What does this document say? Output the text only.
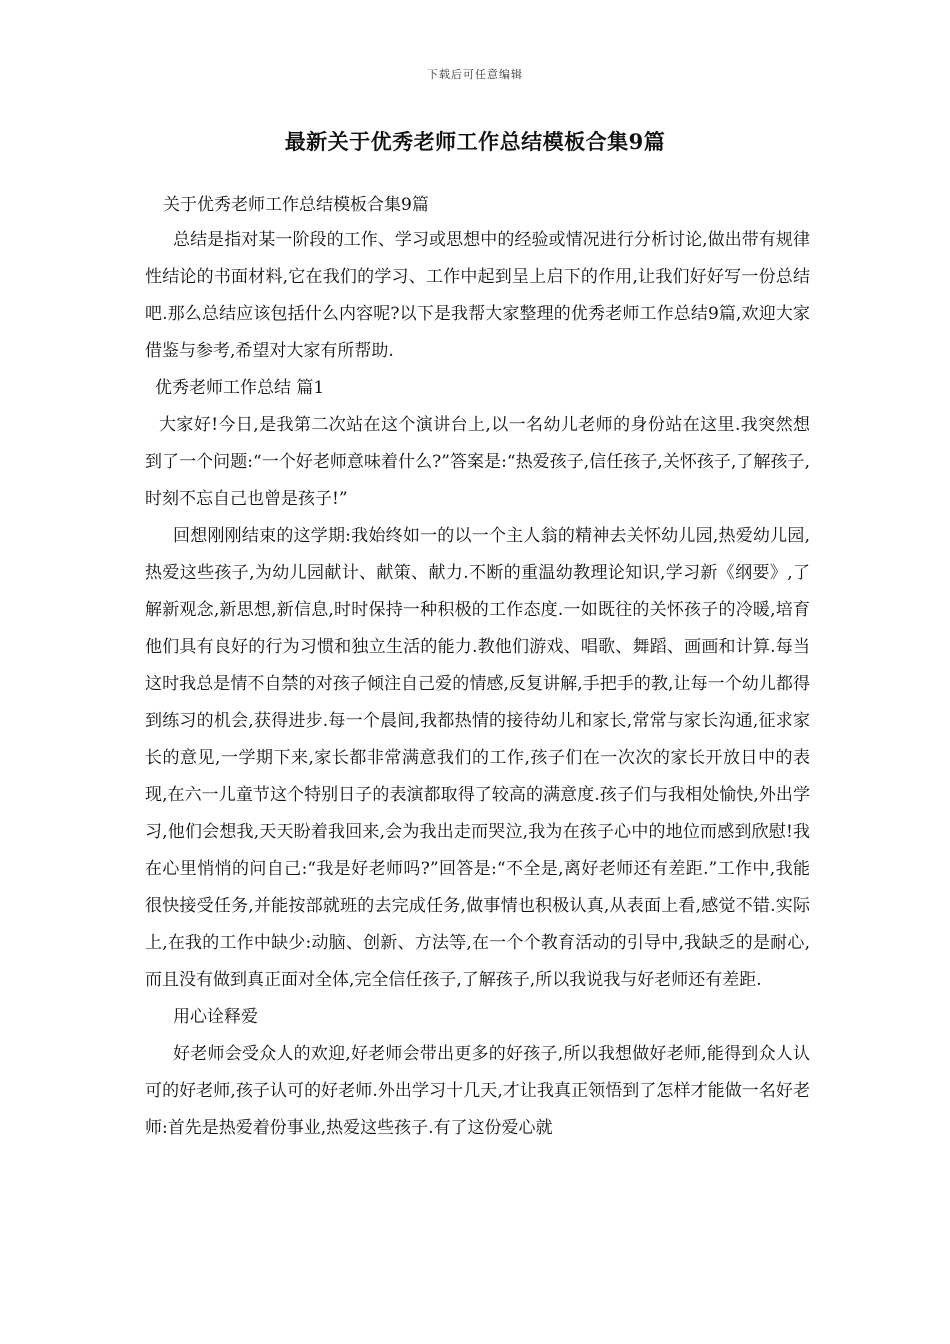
下载后可任意编辑
最新关于优秀老师工作总结模板合集9篇

关于优秀老师工作总结模板合集9篇

总结是指对某一阶段的工作、学习或思想中的经验或情况进行分析讨论,做出带有规律性结论的书面材料,它在我们的学习、工作中起到呈上启下的作用,让我们好好写一份总结吧.那么总结应该包括什么内容呢?以下是我帮大家整理的优秀老师工作总结9篇,欢迎大家借鉴与参考,希望对大家有所帮助.

优秀老师工作总结 篇1

大家好!今日,是我第二次站在这个演讲台上,以一名幼儿老师的身份站在这里.我突然想到了一个问题:“一个好老师意味着什么?”答案是:“热爱孩子,信任孩子,关怀孩子,了解孩子,时刻不忘自己也曾是孩子!”

回想刚刚结束的这学期:我始终如一的以一个主人翁的精神去关怀幼儿园,热爱幼儿园,热爱这些孩子,为幼儿园献计、献策、献力.不断的重温幼教理论知识,学习新《纲要》,了解新观念,新思想,新信息,时时保持一种积极的工作态度.一如既往的关怀孩子的冷暖,培育他们具有良好的行为习惯和独立生活的能力.教他们游戏、唱歌、舞蹈、画画和计算.每当这时我总是情不自禁的对孩子倾注自己爱的情感,反复讲解,手把手的教,让每一个幼儿都得到练习的机会,获得进步.每一个晨间,我都热情的接待幼儿和家长,常常与家长沟通,征求家长的意见,一学期下来,家长都非常满意我们的工作,孩子们在一次次的家长开放日中的表现,在六一儿童节这个特别日子的表演都取得了较高的满意度.孩子们与我相处愉快,外出学习,他们会想我,天天盼着我回来,会为我出走而哭泣,我为在孩子心中的地位而感到欣慰!我在心里悄悄的问自己:“我是好老师吗?”回答是:“不全是,离好老师还有差距.”工作中,我能很快接受任务,并能按部就班的去完成任务,做事情也积极认真,从表面上看,感觉不错.实际上,在我的工作中缺少:动脑、创新、方法等,在一个个教育活动的引导中,我缺乏的是耐心,而且没有做到真正面对全体,完全信任孩子,了解孩子,所以我说我与好老师还有差距.

用心诠释爱

好老师会受众人的欢迎,好老师会带出更多的好孩子,所以我想做好老师,能得到众人认可的好老师,孩子认可的好老师.外出学习十几天,才让我真正领悟到了怎样才能做一名好老师:首先是热爱着份事业,热爱这些孩子.有了这份爱心就
